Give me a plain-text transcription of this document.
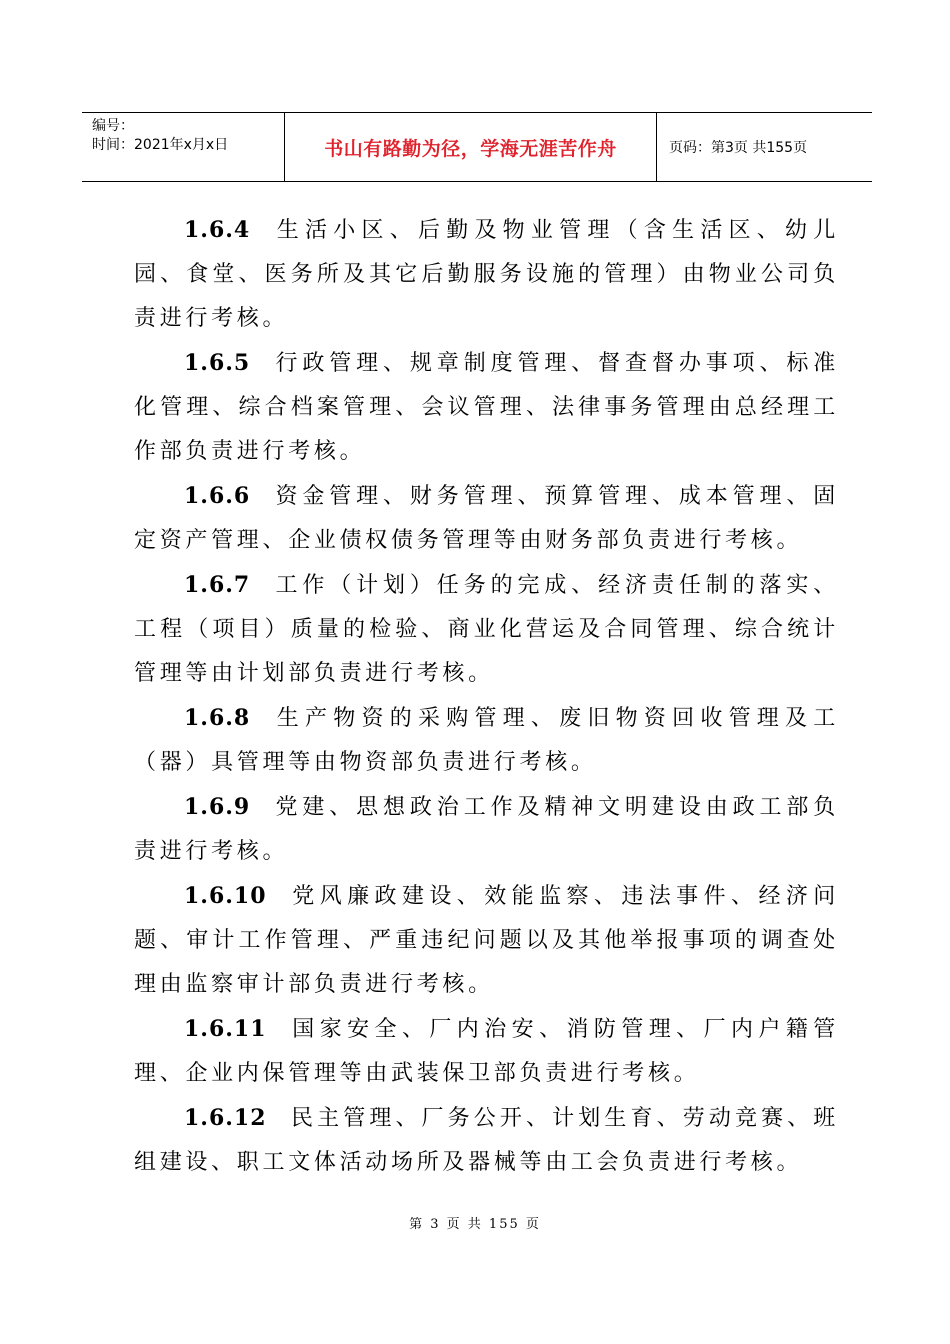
编号：
时间：2021年x月x日	书山有路勤为径，学海无涯苦作舟	页码：第3页 共155页

1.6.4 生活小区、后勤及物业管理（含生活区、幼儿园、食堂、医务所及其它后勤服务设施的管理）由物业公司负责进行考核。

1.6.5 行政管理、规章制度管理、督查督办事项、标准化管理、综合档案管理、会议管理、法律事务管理由总经理工作部负责进行考核。

1.6.6 资金管理、财务管理、预算管理、成本管理、固定资产管理、企业债权债务管理等由财务部负责进行考核。

1.6.7 工作（计划）任务的完成、经济责任制的落实、工程（项目）质量的检验、商业化营运及合同管理、综合统计管理等由计划部负责进行考核。

1.6.8 生产物资的采购管理、废旧物资回收管理及工（器）具管理等由物资部负责进行考核。

1.6.9 党建、思想政治工作及精神文明建设由政工部负责进行考核。

1.6.10 党风廉政建设、效能监察、违法事件、经济问题、审计工作管理、严重违纪问题以及其他举报事项的调查处理由监察审计部负责进行考核。

1.6.11 国家安全、厂内治安、消防管理、厂内户籍管理、企业内保管理等由武装保卫部负责进行考核。

1.6.12 民主管理、厂务公开、计划生育、劳动竞赛、班组建设、职工文体活动场所及器械等由工会负责进行考核。

第 3 页 共 155 页
